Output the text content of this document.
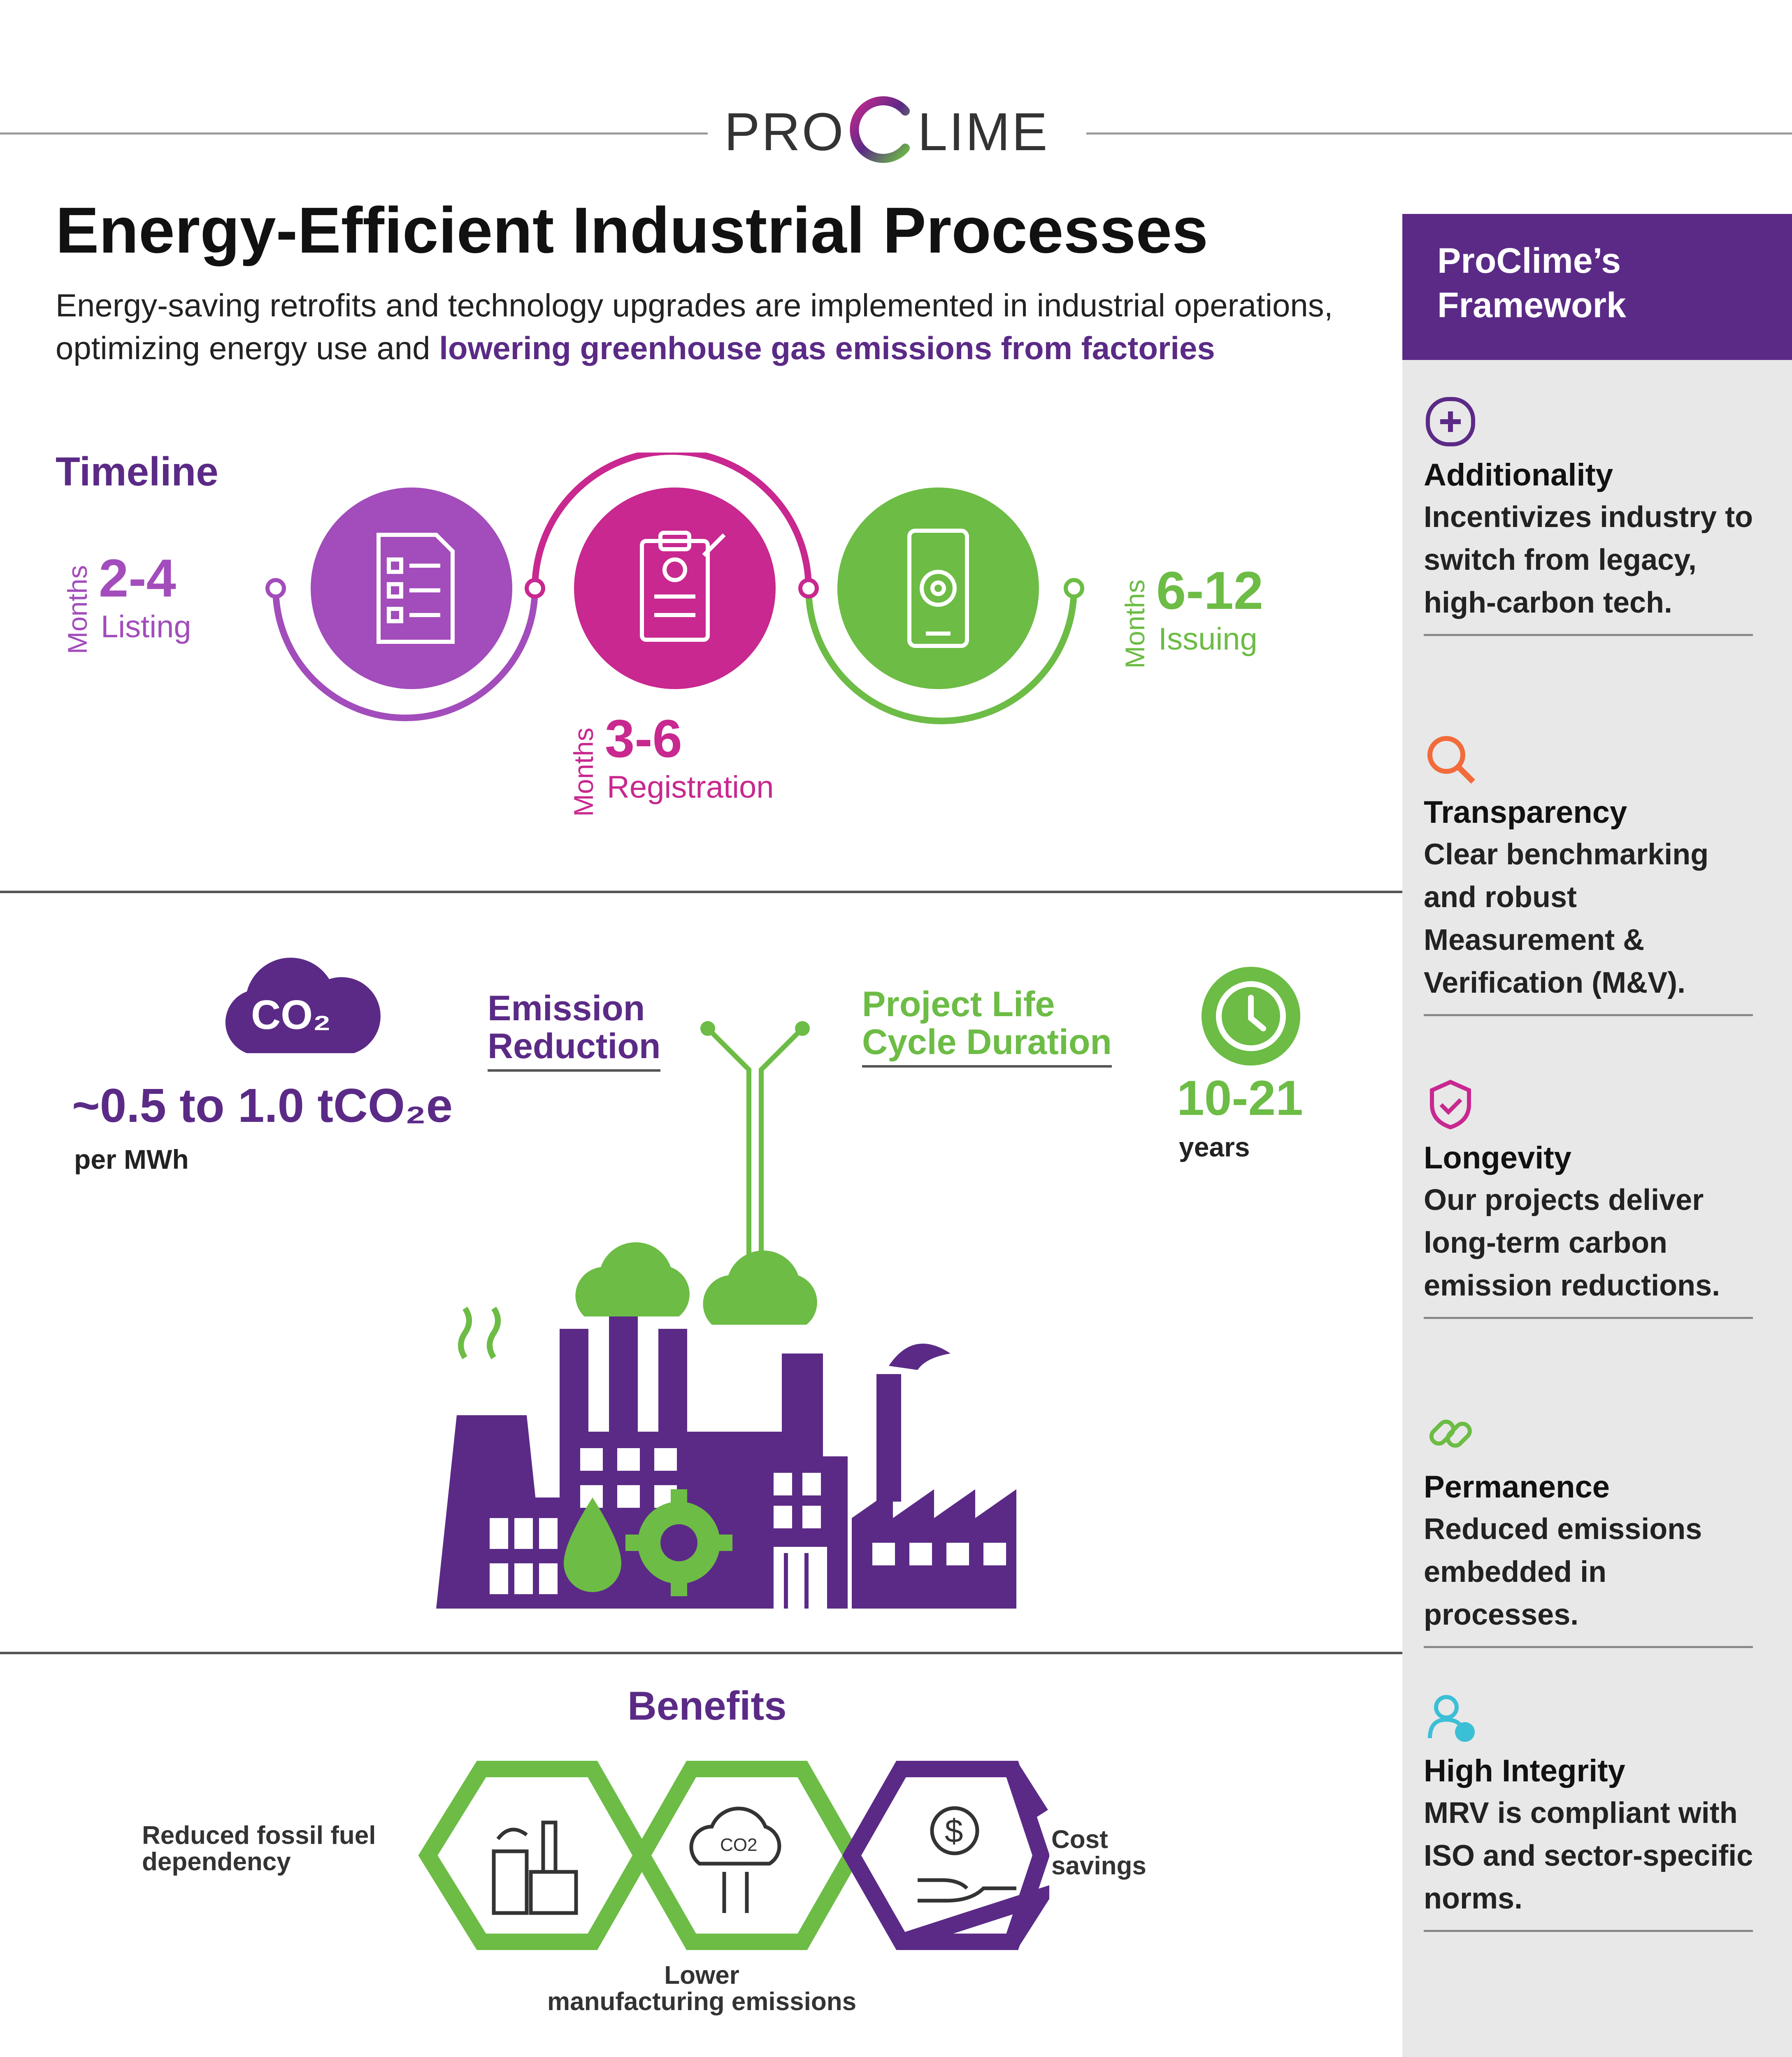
PRO LIME
Energy-Efficient Industrial Processes
Energy-saving retrofits and technology upgrades are implemented in industrial operations, optimizing energy use and lowering greenhouse gas emissions from factories
Timeline
Months 2-4
Listing
Months 3-6
Registration
Months 6-12
Issuing
CO₂
~0.5 to 1.0 tCO₂e
per MWh
Emission
Reduction
Project Life
Cycle Duration
10-21
years
Benefits
CO2	$
Reduced fossil fuel dependency
Lower
manufacturing emissions
Cost
savings
ProClime’s Framework
Additionality
Incentivizes industry to switch from legacy, high-carbon tech.
Transparency
Clear benchmarking and robust Measurement & Verification (M&V).
Longevity
Our projects deliver long-term carbon emission reductions.
Permanence
Reduced emissions embedded in processes.
High Integrity
MRV is compliant with ISO and sector-specific norms.
